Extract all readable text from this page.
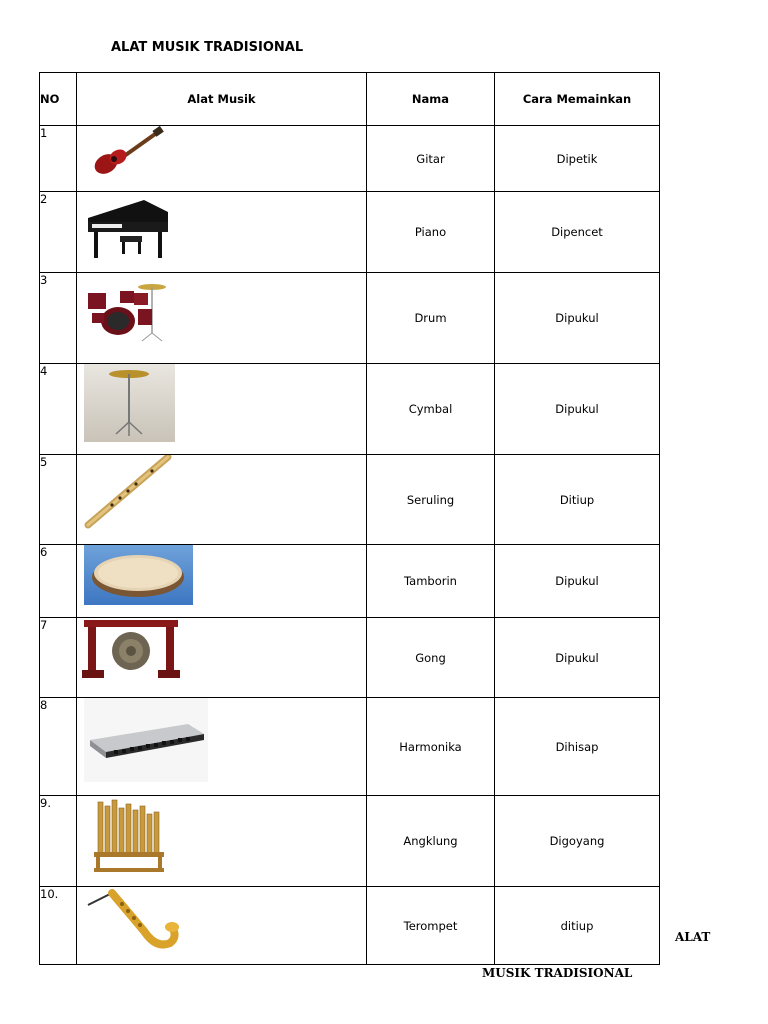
ALAT MUSIK TRADISIONAL
NO	Alat Musik	Nama	Cara Memainkan
1		Gitar	Dipetik
2		Piano	Dipencet
3		Drum	Dipukul
4		Cymbal	Dipukul
5		Seruling	Ditiup
6		Tamborin	Dipukul
7		Gong	Dipukul
8		Harmonika	Dihisap
9.		Angklung	Digoyang
10.		Terompet	ditiup
ALAT
MUSIK TRADISIONAL
